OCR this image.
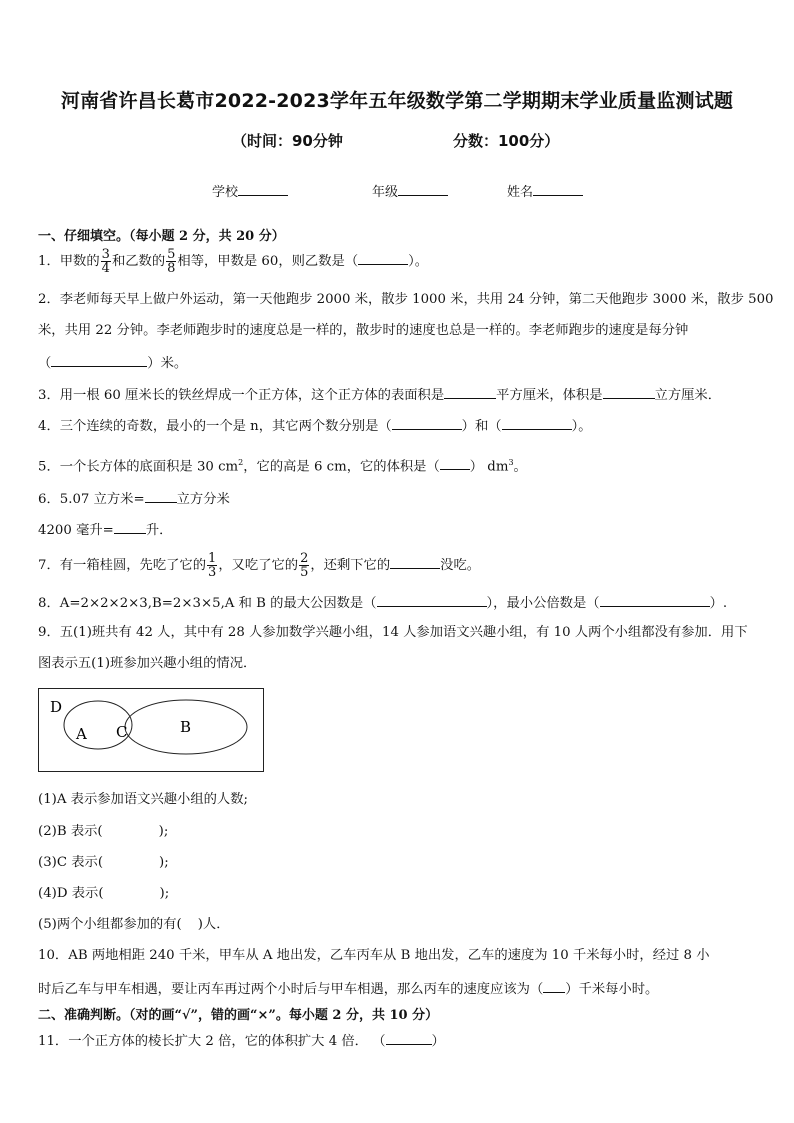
河南省许昌长葛市2022-2023学年五年级数学第二学期期末学业质量监测试题
（时间：90分钟	分数：100分）
学校	年级	姓名
一、仔细填空。（每小题 2 分，共 20 分）
1．甲数的 $\frac{3}{4}$ 和乙数的 $\frac{5}{8}$ 相等，甲数是 60，则乙数是（	）。
2．李老师每天早上做户外运动，第一天他跑步 2000 米，散步 1000 米，共用 24 分钟，第二天他跑步 3000 米，散步 500
米，共用 22 分钟。李老师跑步时的速度总是一样的，散步时的速度也总是一样的。李老师跑步的速度是每分钟
（	）米。
3．用一根 60 厘米长的铁丝焊成一个正方体，这个正方体的表面积是	平方厘米，体积是	立方厘米．
4．三个连续的奇数，最小的一个是 n，其它两个数分别是（	）和（	）。
5．一个长方体的底面积是 30 $cm^2$，它的高是 6 cm，它的体积是（ ） $dm^3$。
6．5.07 立方米= 立方分米
4200 毫升= 升．
7．有一箱桂圆，先吃了它的 $\frac{1}{3}$ ，又吃了它的 $\frac{2}{5}$ ，还剩下它的	没吃。
8．A=2×2×2×3,B=2×3×5,A 和 B 的最大公因数是（	），最小公倍数是（	）.
9．五(1)班共有 42 人，其中有 28 人参加数学兴趣小组，14 人参加语文兴趣小组，有 10 人两个小组都没有参加．用下
图表示五(1)班参加兴趣小组的情况．
D
A C	B
(1)A 表示参加语文兴趣小组的人数;
(2)B 表示(	);
(3)C 表示(	);
(4)D 表示(	);
(5)两个小组都参加的有( )人．
10．AB 两地相距 240 千米，甲车从 A 地出发，乙车丙车从 B 地出发，乙车的速度为 10 千米每小时，经过 8 小
时后乙车与甲车相遇，要让丙车再过两个小时后与甲车相遇，那么丙车的速度应该为（ ）千米每小时。
二、准确判断。（对的画“√”，错的画“×”。每小题 2 分，共 10 分）
11．一个正方体的棱长扩大 2 倍，它的体积扩大 4 倍． （	）
